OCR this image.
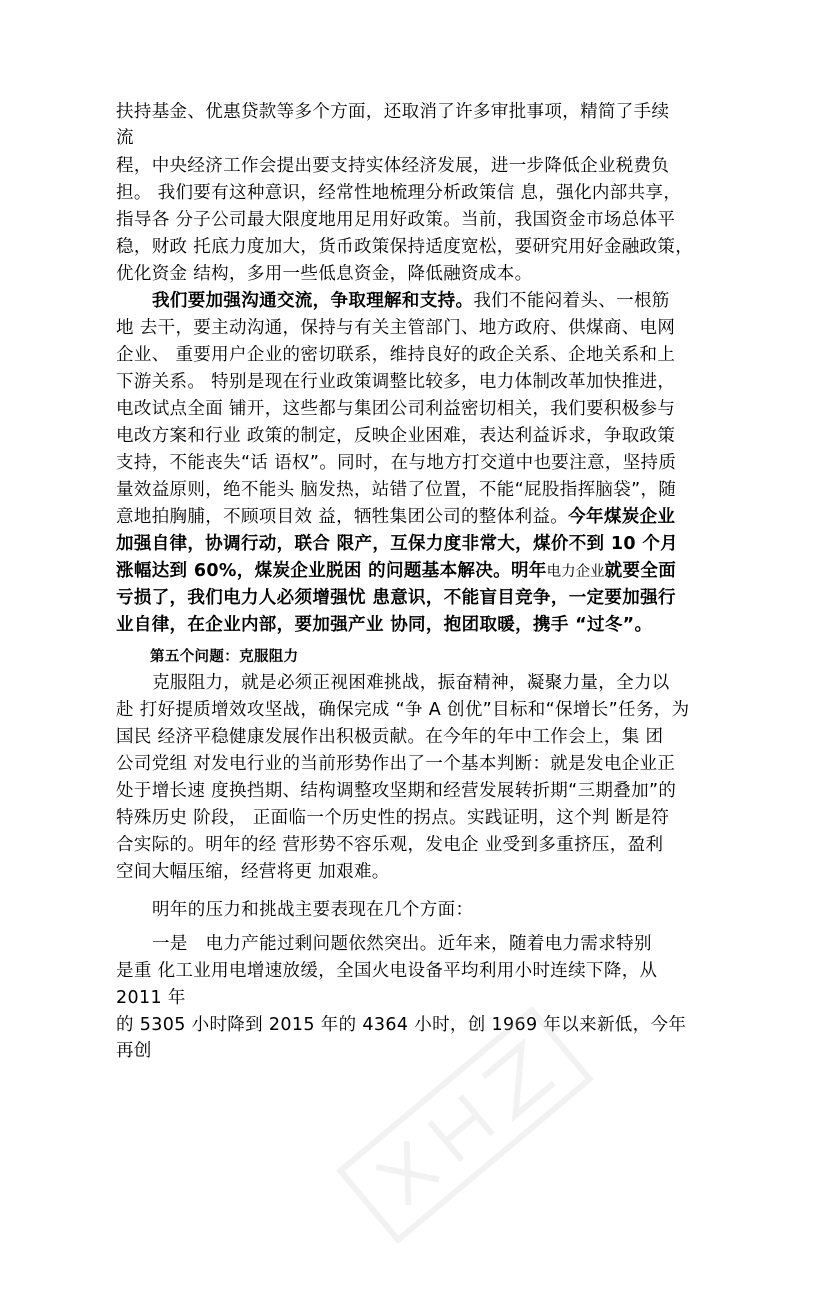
扶持基金、优惠贷款等多个方面，还取消了许多审批事项，精简了手续
流
程，中央经济工作会提出要支持实体经济发展，进一步降低企业税费负
担。 我们要有这种意识，经常性地梳理分析政策信 息，强化内部共享，
指导各 分子公司最大限度地用足用好政策。当前，我国资金市场总体平
稳，财政 托底力度加大，货币政策保持适度宽松，要研究用好金融政策，
优化资金 结构，多用一些低息资金，降低融资成本。
我们要加强沟通交流，争取理解和支持。我们不能闷着头、一根筋
地 去干，要主动沟通，保持与有关主管部门、地方政府、供煤商、电网
企业、 重要用户企业的密切联系，维持良好的政企关系、企地关系和上
下游关系。 特别是现在行业政策调整比较多，电力体制改革加快推进，
电改试点全面 铺开，这些都与集团公司利益密切相关，我们要积极参与
电改方案和行业 政策的制定，反映企业困难，表达利益诉求，争取政策
支持，不能丧失“话 语权”。同时，在与地方打交道中也要注意，坚持质
量效益原则，绝不能头 脑发热，站错了位置，不能“屁股指挥脑袋”，随
意地拍胸脯，不顾项目效 益，牺牲集团公司的整体利益。今年煤炭企业
加强自律，协调行动，联合 限产，互保力度非常大，煤价不到 10 个月
涨幅达到 60%，煤炭企业脱困 的问题基本解决。明年电力企业就要全面
亏损了，我们电力人必须增强忧 患意识，不能盲目竞争，一定要加强行
业自律，在企业内部，要加强产业 协同，抱团取暖，携手 “过冬”。
第五个问题：克服阻力
克服阻力，就是必须正视困难挑战，振奋精神，凝聚力量，全力以
赴 打好提质增效攻坚战，确保完成 “争 A 创优”目标和“保增长”任务，为
国民 经济平稳健康发展作出积极贡献。在今年的年中工作会上，集 团
公司党组 对发电行业的当前形势作出了一个基本判断：就是发电企业正
处于增长速 度换挡期、结构调整攻坚期和经营发展转折期“三期叠加”的
特殊历史 阶段， 正面临一个历史性的拐点。实践证明，这个判 断是符
合实际的。明年的经 营形势不容乐观，发电企 业受到多重挤压，盈利
空间大幅压缩，经营将更 加艰难。
明年的压力和挑战主要表现在几个方面：
一是　电力产能过剩问题依然突出。近年来，随着电力需求特别
是重 化工业用电增速放缓，全国火电设备平均利用小时连续下降，从
2011 年
的 5305 小时降到 2015 年的 4364 小时，创 1969 年以来新低，今年
再创
